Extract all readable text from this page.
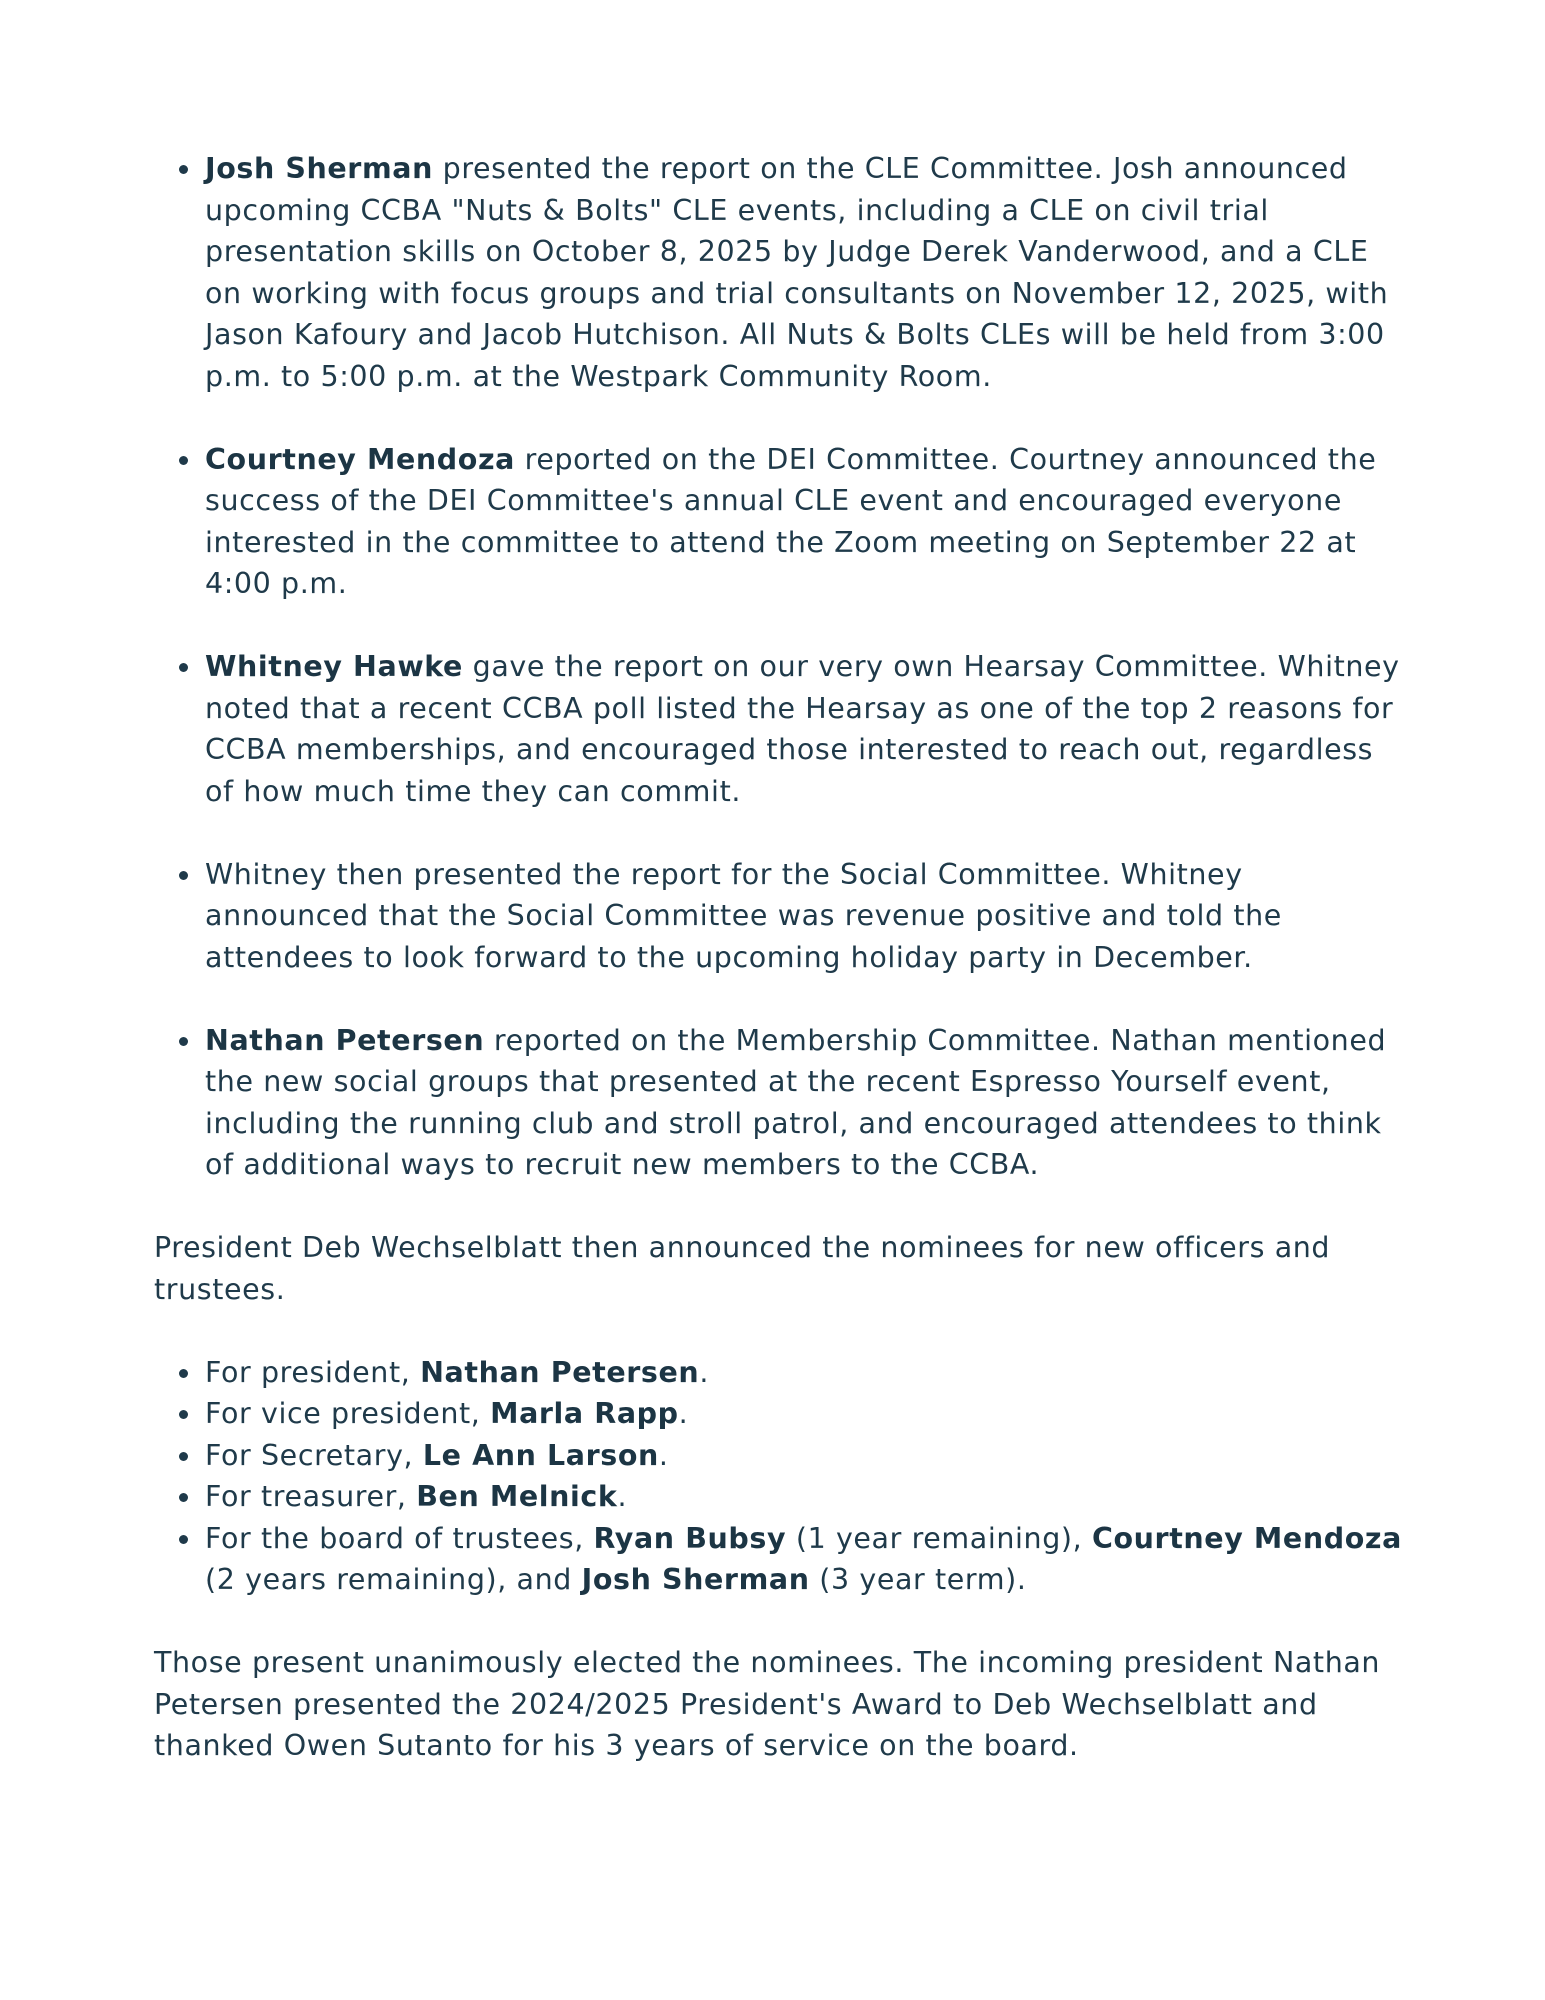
Josh Sherman presented the report on the CLE Committee. Josh announced upcoming CCBA "Nuts & Bolts" CLE events, including a CLE on civil trial presentation skills on October 8, 2025 by Judge Derek Vanderwood, and a CLE on working with focus groups and trial consultants on November 12, 2025, with Jason Kafoury and Jacob Hutchison. All Nuts & Bolts CLEs will be held from 3:00 p.m. to 5:00 p.m. at the Westpark Community Room.
Courtney Mendoza reported on the DEI Committee. Courtney announced the success of the DEI Committee's annual CLE event and encouraged everyone interested in the committee to attend the Zoom meeting on September 22 at 4:00 p.m.
Whitney Hawke gave the report on our very own Hearsay Committee. Whitney noted that a recent CCBA poll listed the Hearsay as one of the top 2 reasons for CCBA memberships, and encouraged those interested to reach out, regardless of how much time they can commit.
Whitney then presented the report for the Social Committee. Whitney announced that the Social Committee was revenue positive and told the attendees to look forward to the upcoming holiday party in December.
Nathan Petersen reported on the Membership Committee. Nathan mentioned the new social groups that presented at the recent Espresso Yourself event, including the running club and stroll patrol, and encouraged attendees to think of additional ways to recruit new members to the CCBA.

President Deb Wechselblatt then announced the nominees for new officers and trustees.

For president, Nathan Petersen.
For vice president, Marla Rapp.
For Secretary, Le Ann Larson.
For treasurer, Ben Melnick.
For the board of trustees, Ryan Bubsy (1 year remaining), Courtney Mendoza (2 years remaining), and Josh Sherman (3 year term).

Those present unanimously elected the nominees. The incoming president Nathan Petersen presented the 2024/2025 President's Award to Deb Wechselblatt and thanked Owen Sutanto for his 3 years of service on the board.
